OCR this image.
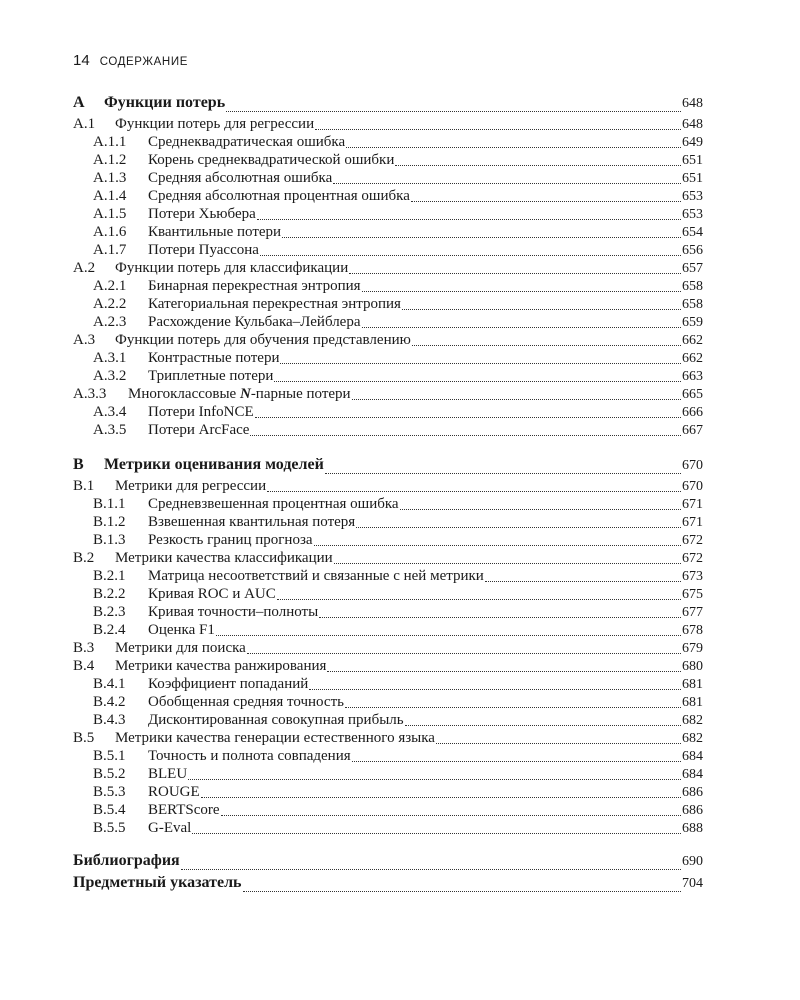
14 СОДЕРЖАНИЕ
A	Функции потерь	648
A.1	Функции потерь для регрессии	648
A.1.1	Среднеквадратическая ошибка	649
A.1.2	Корень среднеквадратической ошибки	651
A.1.3	Средняя абсолютная ошибка	651
A.1.4	Средняя абсолютная процентная ошибка	653
A.1.5	Потери Хьюбера	653
A.1.6	Квантильные потери	654
A.1.7	Потери Пуассона	656
A.2	Функции потерь для классификации	657
A.2.1	Бинарная перекрестная энтропия	658
A.2.2	Категориальная перекрестная энтропия	658
A.2.3	Расхождение Кульбака–Лейблера	659
A.3	Функции потерь для обучения представлению	662
A.3.1	Контрастные потери	662
A.3.2	Триплетные потери	663
A.3.3	Многоклассовые N-парные потери	665
A.3.4	Потери InfoNCE	666
A.3.5	Потери ArcFace	667
B	Метрики оценивания моделей	670
B.1	Метрики для регрессии	670
B.1.1	Средневзвешенная процентная ошибка	671
B.1.2	Взвешенная квантильная потеря	671
B.1.3	Резкость границ прогноза	672
B.2	Метрики качества классификации	672
B.2.1	Матрица несоответствий и связанные с ней метрики	673
B.2.2	Кривая ROC и AUC	675
B.2.3	Кривая точности–полноты	677
B.2.4	Оценка F1	678
B.3	Метрики для поиска	679
B.4	Метрики качества ранжирования	680
B.4.1	Коэффициент попаданий	681
B.4.2	Обобщенная средняя точность	681
B.4.3	Дисконтированная совокупная прибыль	682
B.5	Метрики качества генерации естественного языка	682
B.5.1	Точность и полнота совпадения	684
B.5.2	BLEU	684
B.5.3	ROUGE	686
B.5.4	BERTScore	686
B.5.5	G-Eval	688
Библиография	690
Предметный указатель	704
